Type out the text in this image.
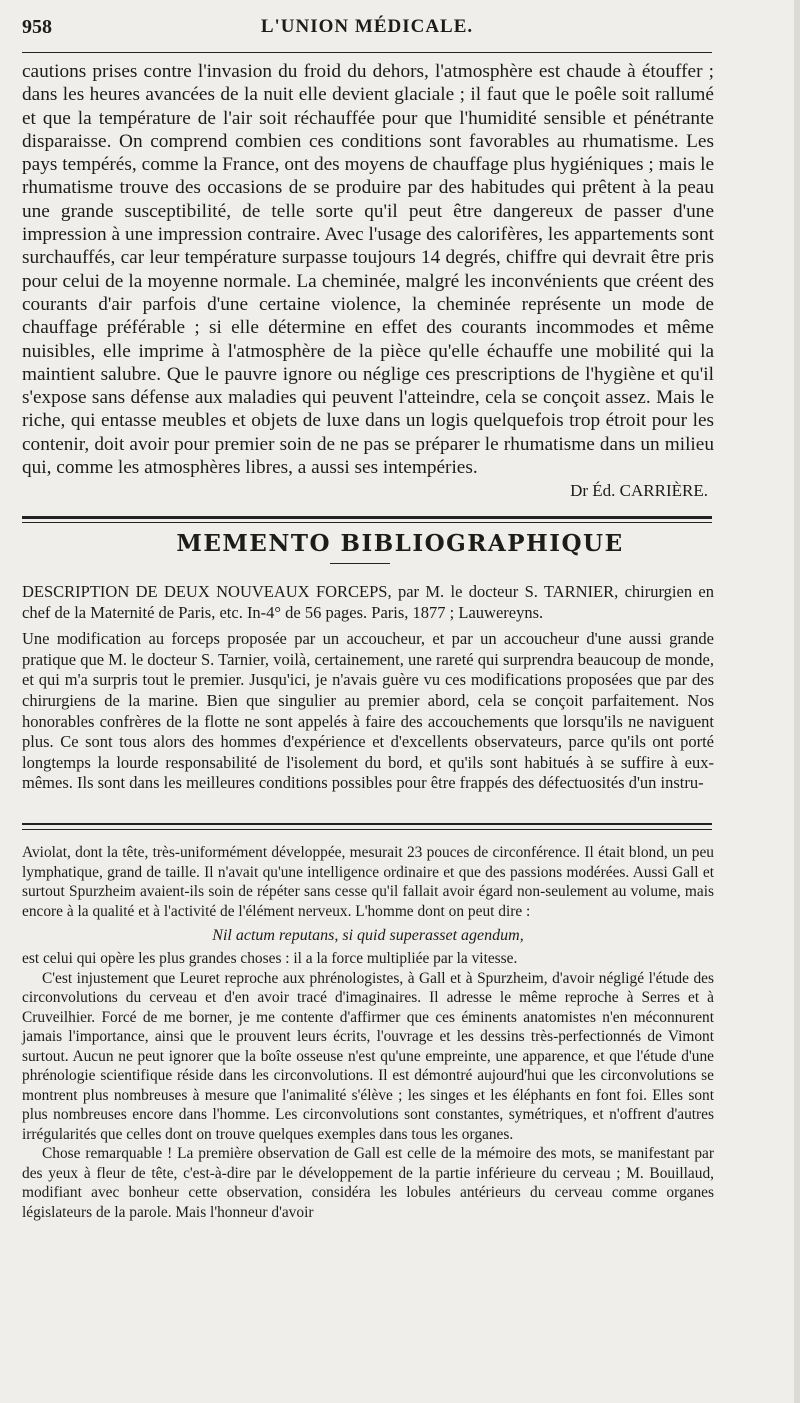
958	L'UNION MÉDICALE.

cautions prises contre l'invasion du froid du dehors, l'atmosphère est chaude à étouffer ; dans les heures avancées de la nuit elle devient glaciale ; il faut que le poêle soit rallumé et que la température de l'air soit réchauffée pour que l'humidité sensible et pénétrante disparaisse. On comprend combien ces conditions sont favorables au rhumatisme. Les pays tempérés, comme la France, ont des moyens de chauffage plus hygiéniques ; mais le rhumatisme trouve des occasions de se produire par des habitudes qui prêtent à la peau une grande susceptibilité, de telle sorte qu'il peut être dangereux de passer d'une impression à une impression contraire. Avec l'usage des calorifères, les appartements sont surchauffés, car leur température surpasse toujours 14 degrés, chiffre qui devrait être pris pour celui de la moyenne normale. La cheminée, malgré les inconvénients que créent des courants d'air parfois d'une certaine violence, la cheminée représente un mode de chauffage préférable ; si elle détermine en effet des courants incommodes et même nuisibles, elle imprime à l'atmosphère de la pièce qu'elle échauffe une mobilité qui la maintient salubre. Que le pauvre ignore ou néglige ces prescriptions de l'hygiène et qu'il s'expose sans défense aux maladies qui peuvent l'atteindre, cela se conçoit assez. Mais le riche, qui entasse meubles et objets de luxe dans un logis quelquefois trop étroit pour les contenir, doit avoir pour premier soin de ne pas se préparer le rhumatisme dans un milieu qui, comme les atmosphères libres, a aussi ses intempéries.

Dr Éd. CARRIÈRE.
MEMENTO BIBLIOGRAPHIQUE

DESCRIPTION DE DEUX NOUVEAUX FORCEPS, par M. le docteur S. TARNIER, chirurgien en chef de la Maternité de Paris, etc. In-4° de 56 pages. Paris, 1877 ; Lauwereyns.

Une modification au forceps proposée par un accoucheur, et par un accoucheur d'une aussi grande pratique que M. le docteur S. Tarnier, voilà, certainement, une rareté qui surprendra beaucoup de monde, et qui m'a surpris tout le premier. Jusqu'ici, je n'avais guère vu ces modifications proposées que par des chirurgiens de la marine. Bien que singulier au premier abord, cela se conçoit parfaitement. Nos honorables confrères de la flotte ne sont appelés à faire des accouchements que lorsqu'ils ne naviguent plus. Ce sont tous alors des hommes d'expérience et d'excellents observateurs, parce qu'ils ont porté longtemps la lourde responsabilité de l'isolement du bord, et qu'ils sont habitués à se suffire à eux-mêmes. Ils sont dans les meilleures conditions possibles pour être frappés des défectuosités d'un instru-

Aviolat, dont la tête, très-uniformément développée, mesurait 23 pouces de circonférence. Il était blond, un peu lymphatique, grand de taille. Il n'avait qu'une intelligence ordinaire et que des passions modérées. Aussi Gall et surtout Spurzheim avaient-ils soin de répéter sans cesse qu'il fallait avoir égard non-seulement au volume, mais encore à la qualité et à l'activité de l'élément nerveux. L'homme dont on peut dire :

Nil actum reputans, si quid superasset agendum,

est celui qui opère les plus grandes choses : il a la force multipliée par la vitesse.

C'est injustement que Leuret reproche aux phrénologistes, à Gall et à Spurzheim, d'avoir négligé l'étude des circonvolutions du cerveau et d'en avoir tracé d'imaginaires. Il adresse le même reproche à Serres et à Cruveilhier. Forcé de me borner, je me contente d'affirmer que ces éminents anatomistes n'en méconnurent jamais l'importance, ainsi que le prouvent leurs écrits, l'ouvrage et les dessins très-perfectionnés de Vimont surtout. Aucun ne peut ignorer que la boîte osseuse n'est qu'une empreinte, une apparence, et que l'étude d'une phrénologie scientifique réside dans les circonvolutions. Il est démontré aujourd'hui que les circonvolutions se montrent plus nombreuses à mesure que l'animalité s'élève ; les singes et les éléphants en font foi. Elles sont plus nombreuses encore dans l'homme. Les circonvolutions sont constantes, symétriques, et n'offrent d'autres irrégularités que celles dont on trouve quelques exemples dans tous les organes.

Chose remarquable ! La première observation de Gall est celle de la mémoire des mots, se manifestant par des yeux à fleur de tête, c'est-à-dire par le développement de la partie inférieure du cerveau ; M. Bouillaud, modifiant avec bonheur cette observation, considéra les lobules antérieurs du cerveau comme organes législateurs de la parole. Mais l'honneur d'avoir
